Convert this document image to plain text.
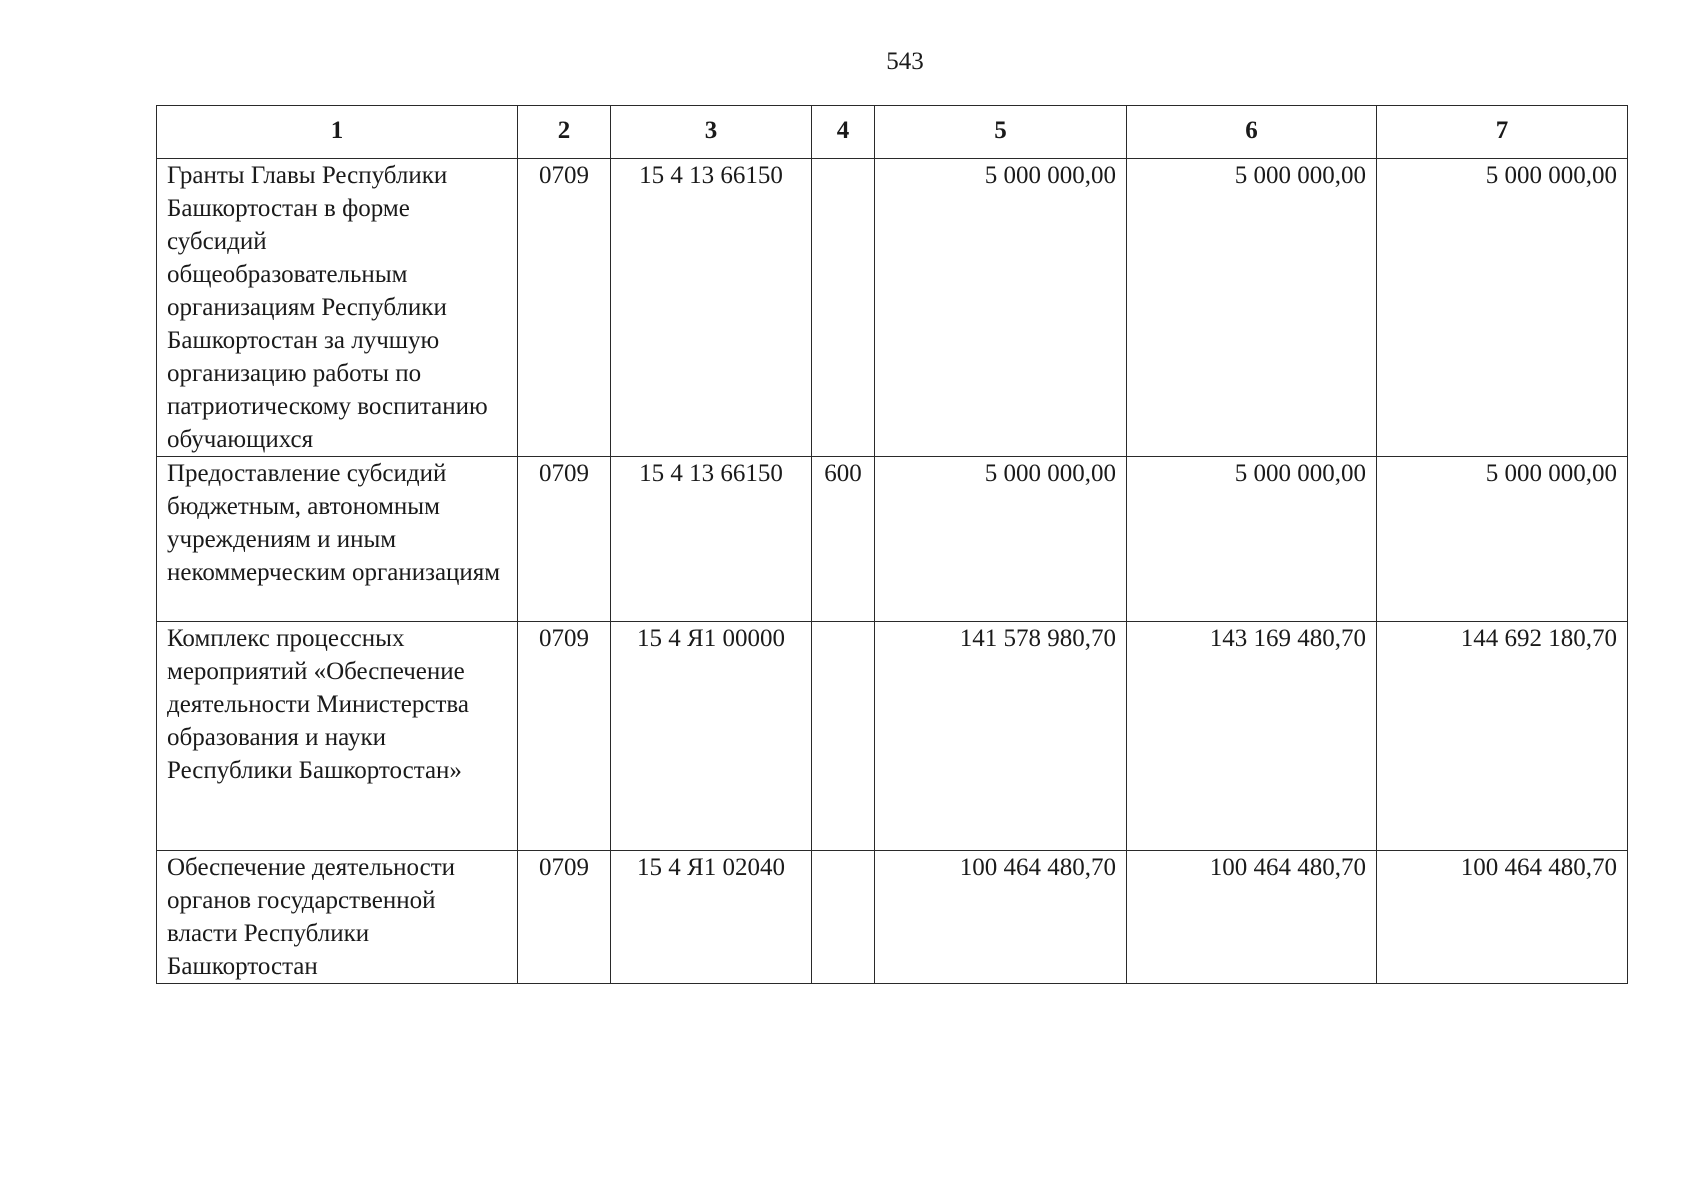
543
1	2	3	4	5	6	7
Гранты Главы Республики Башкортостан в форме субсидий общеобразовательным организациям Республики Башкортостан за лучшую организацию работы по патриотическому воспитанию обучающихся	0709	15 4 13 66150		5 000 000,00	5 000 000,00	5 000 000,00
Предоставление субсидий бюджетным, автономным учреждениям и иным некоммерческим организациям	0709	15 4 13 66150	600	5 000 000,00	5 000 000,00	5 000 000,00
Комплекс процессных мероприятий «Обеспечение деятельности Министерства образования и науки Республики Башкортостан»	0709	15 4 Я1 00000		141 578 980,70	143 169 480,70	144 692 180,70
Обеспечение деятельности органов государственной власти Республики Башкортостан	0709	15 4 Я1 02040		100 464 480,70	100 464 480,70	100 464 480,70
